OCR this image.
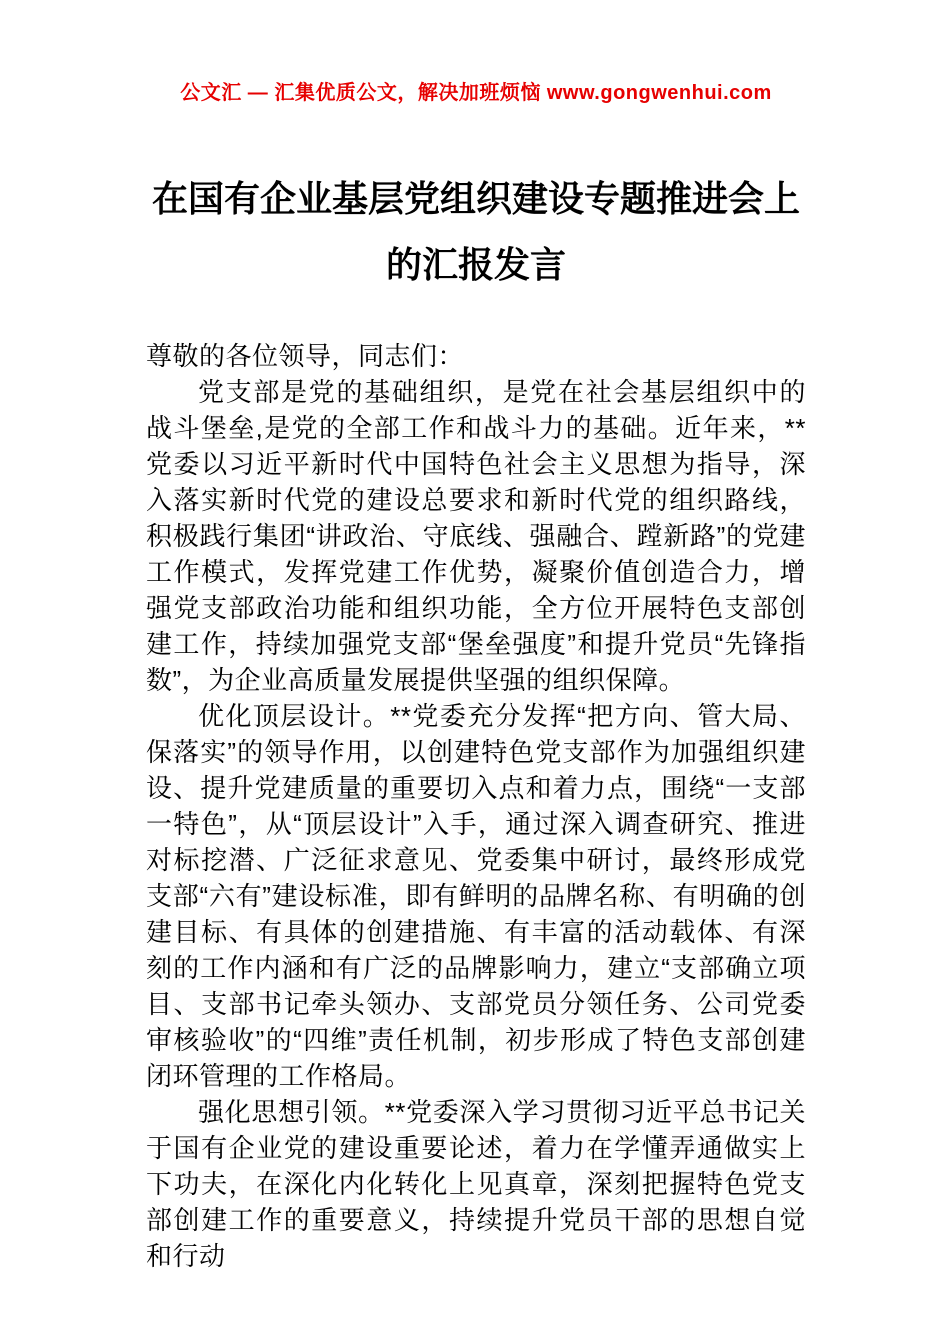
公文汇 — 汇集优质公文，解决加班烦恼 www.gongwenhui.com
在国有企业基层党组织建设专题推进会上的汇报发言

尊敬的各位领导，同志们：

党支部是党的基础组织，是党在社会基层组织中的战斗堡垒,是党的全部工作和战斗力的基础。近年来，**党委以习近平新时代中国特色社会主义思想为指导，深入落实新时代党的建设总要求和新时代党的组织路线，积极践行集团“讲政治、守底线、强融合、蹚新路”的党建工作模式，发挥党建工作优势，凝聚价值创造合力，增强党支部政治功能和组织功能，全方位开展特色支部创建工作，持续加强党支部“堡垒强度”和提升党员“先锋指数”，为企业高质量发展提供坚强的组织保障。

优化顶层设计。**党委充分发挥“把方向、管大局、保落实”的领导作用，以创建特色党支部作为加强组织建设、提升党建质量的重要切入点和着力点，围绕“一支部一特色”，从“顶层设计”入手，通过深入调查研究、推进对标挖潜、广泛征求意见、党委集中研讨，最终形成党支部“六有”建设标准，即有鲜明的品牌名称、有明确的创建目标、有具体的创建措施、有丰富的活动载体、有深刻的工作内涵和有广泛的品牌影响力，建立“支部确立项目、支部书记牵头领办、支部党员分领任务、公司党委审核验收”的“四维”责任机制，初步形成了特色支部创建闭环管理的工作格局。

强化思想引领。**党委深入学习贯彻习近平总书记关于国有企业党的建设重要论述，着力在学懂弄通做实上下功夫，在深化内化转化上见真章，深刻把握特色党支部创建工作的重要意义，持续提升党员干部的思想自觉和行动
